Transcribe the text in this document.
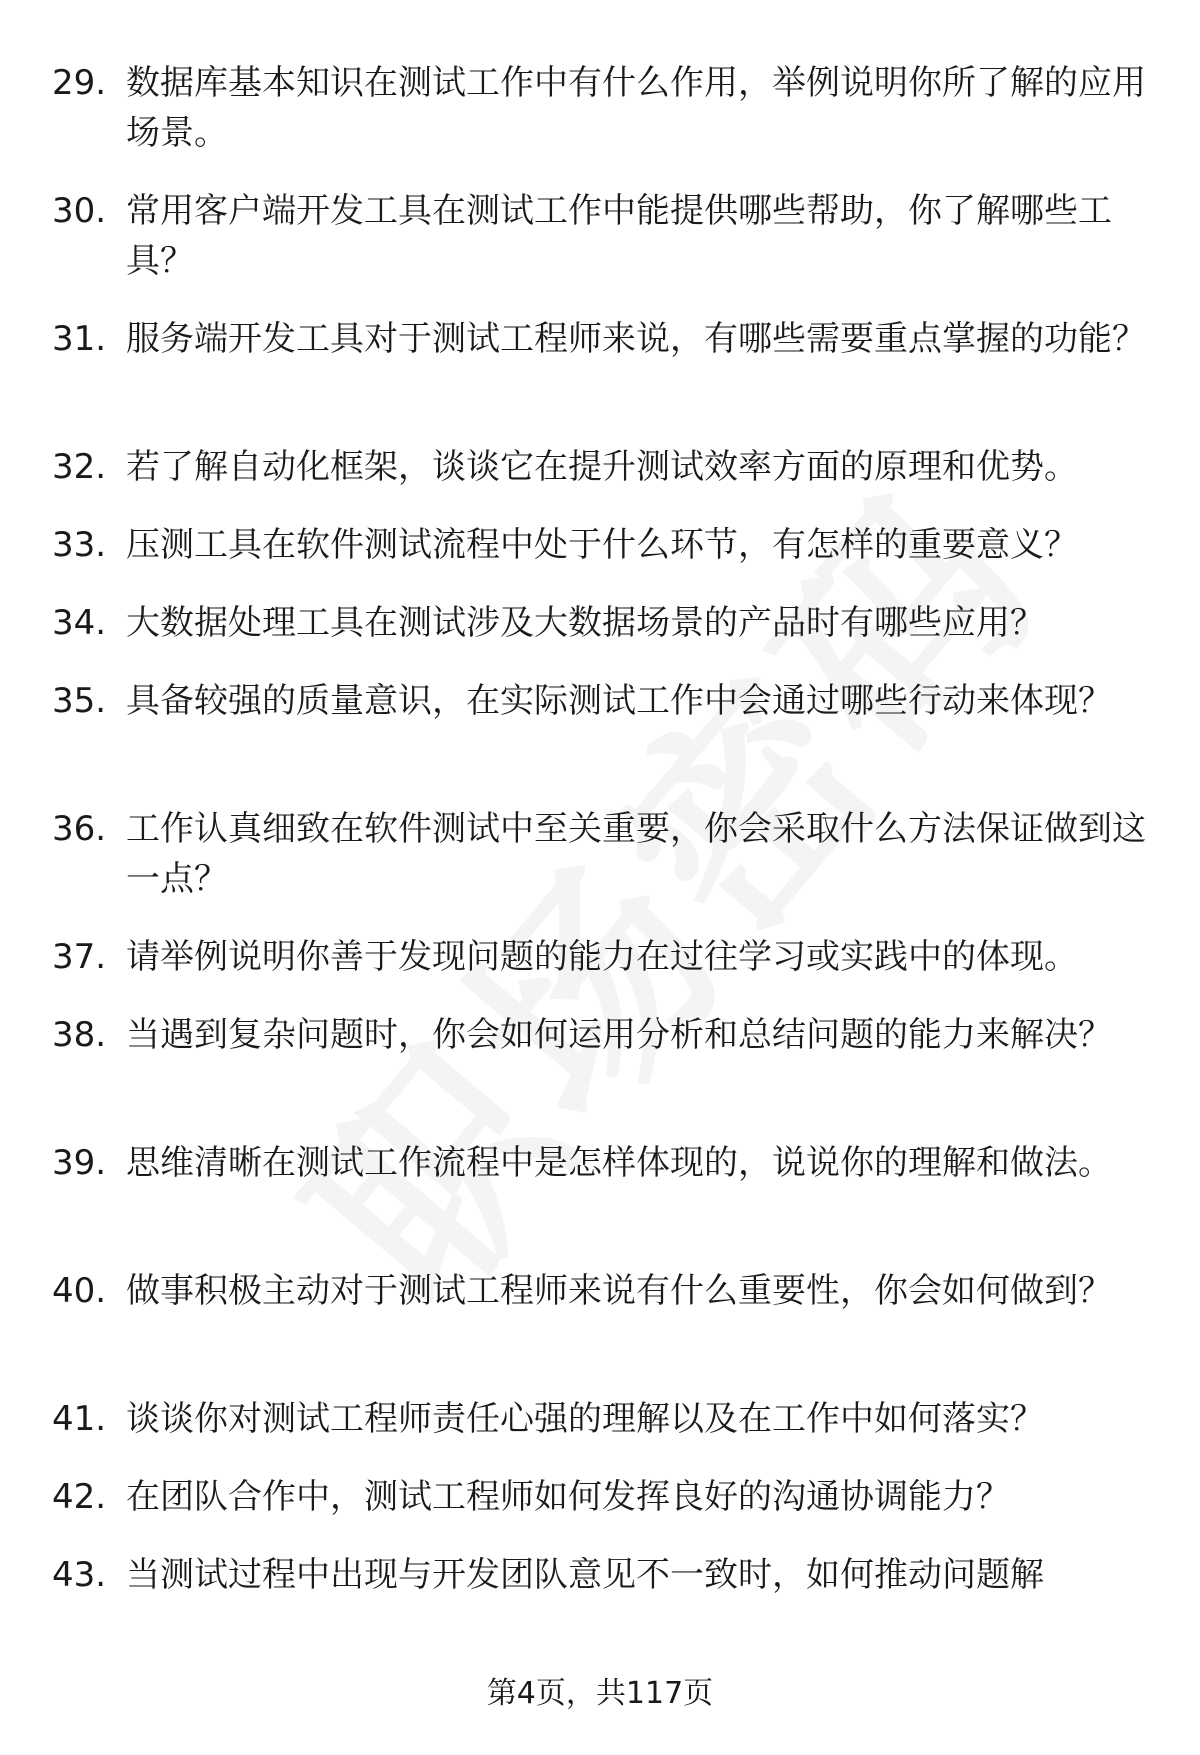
29. 数据库基本知识在测试工作中有什么作用，举例说明你所了解的应用场景。
30. 常用客户端开发工具在测试工作中能提供哪些帮助，你了解哪些工具？
31. 服务端开发工具对于测试工程师来说，有哪些需要重点掌握的功能？
32. 若了解自动化框架，谈谈它在提升测试效率方面的原理和优势。
33. 压测工具在软件测试流程中处于什么环节，有怎样的重要意义？
34. 大数据处理工具在测试涉及大数据场景的产品时有哪些应用？
35. 具备较强的质量意识，在实际测试工作中会通过哪些行动来体现？
36. 工作认真细致在软件测试中至关重要，你会采取什么方法保证做到这一点？
37. 请举例说明你善于发现问题的能力在过往学习或实践中的体现。
38. 当遇到复杂问题时，你会如何运用分析和总结问题的能力来解决？
39. 思维清晰在测试工作流程中是怎样体现的，说说你的理解和做法。
40. 做事积极主动对于测试工程师来说有什么重要性，你会如何做到？
41. 谈谈你对测试工程师责任心强的理解以及在工作中如何落实？
42. 在团队合作中，测试工程师如何发挥良好的沟通协调能力？
43. 当测试过程中出现与开发团队意见不一致时，如何推动问题解
第4页，共117页
